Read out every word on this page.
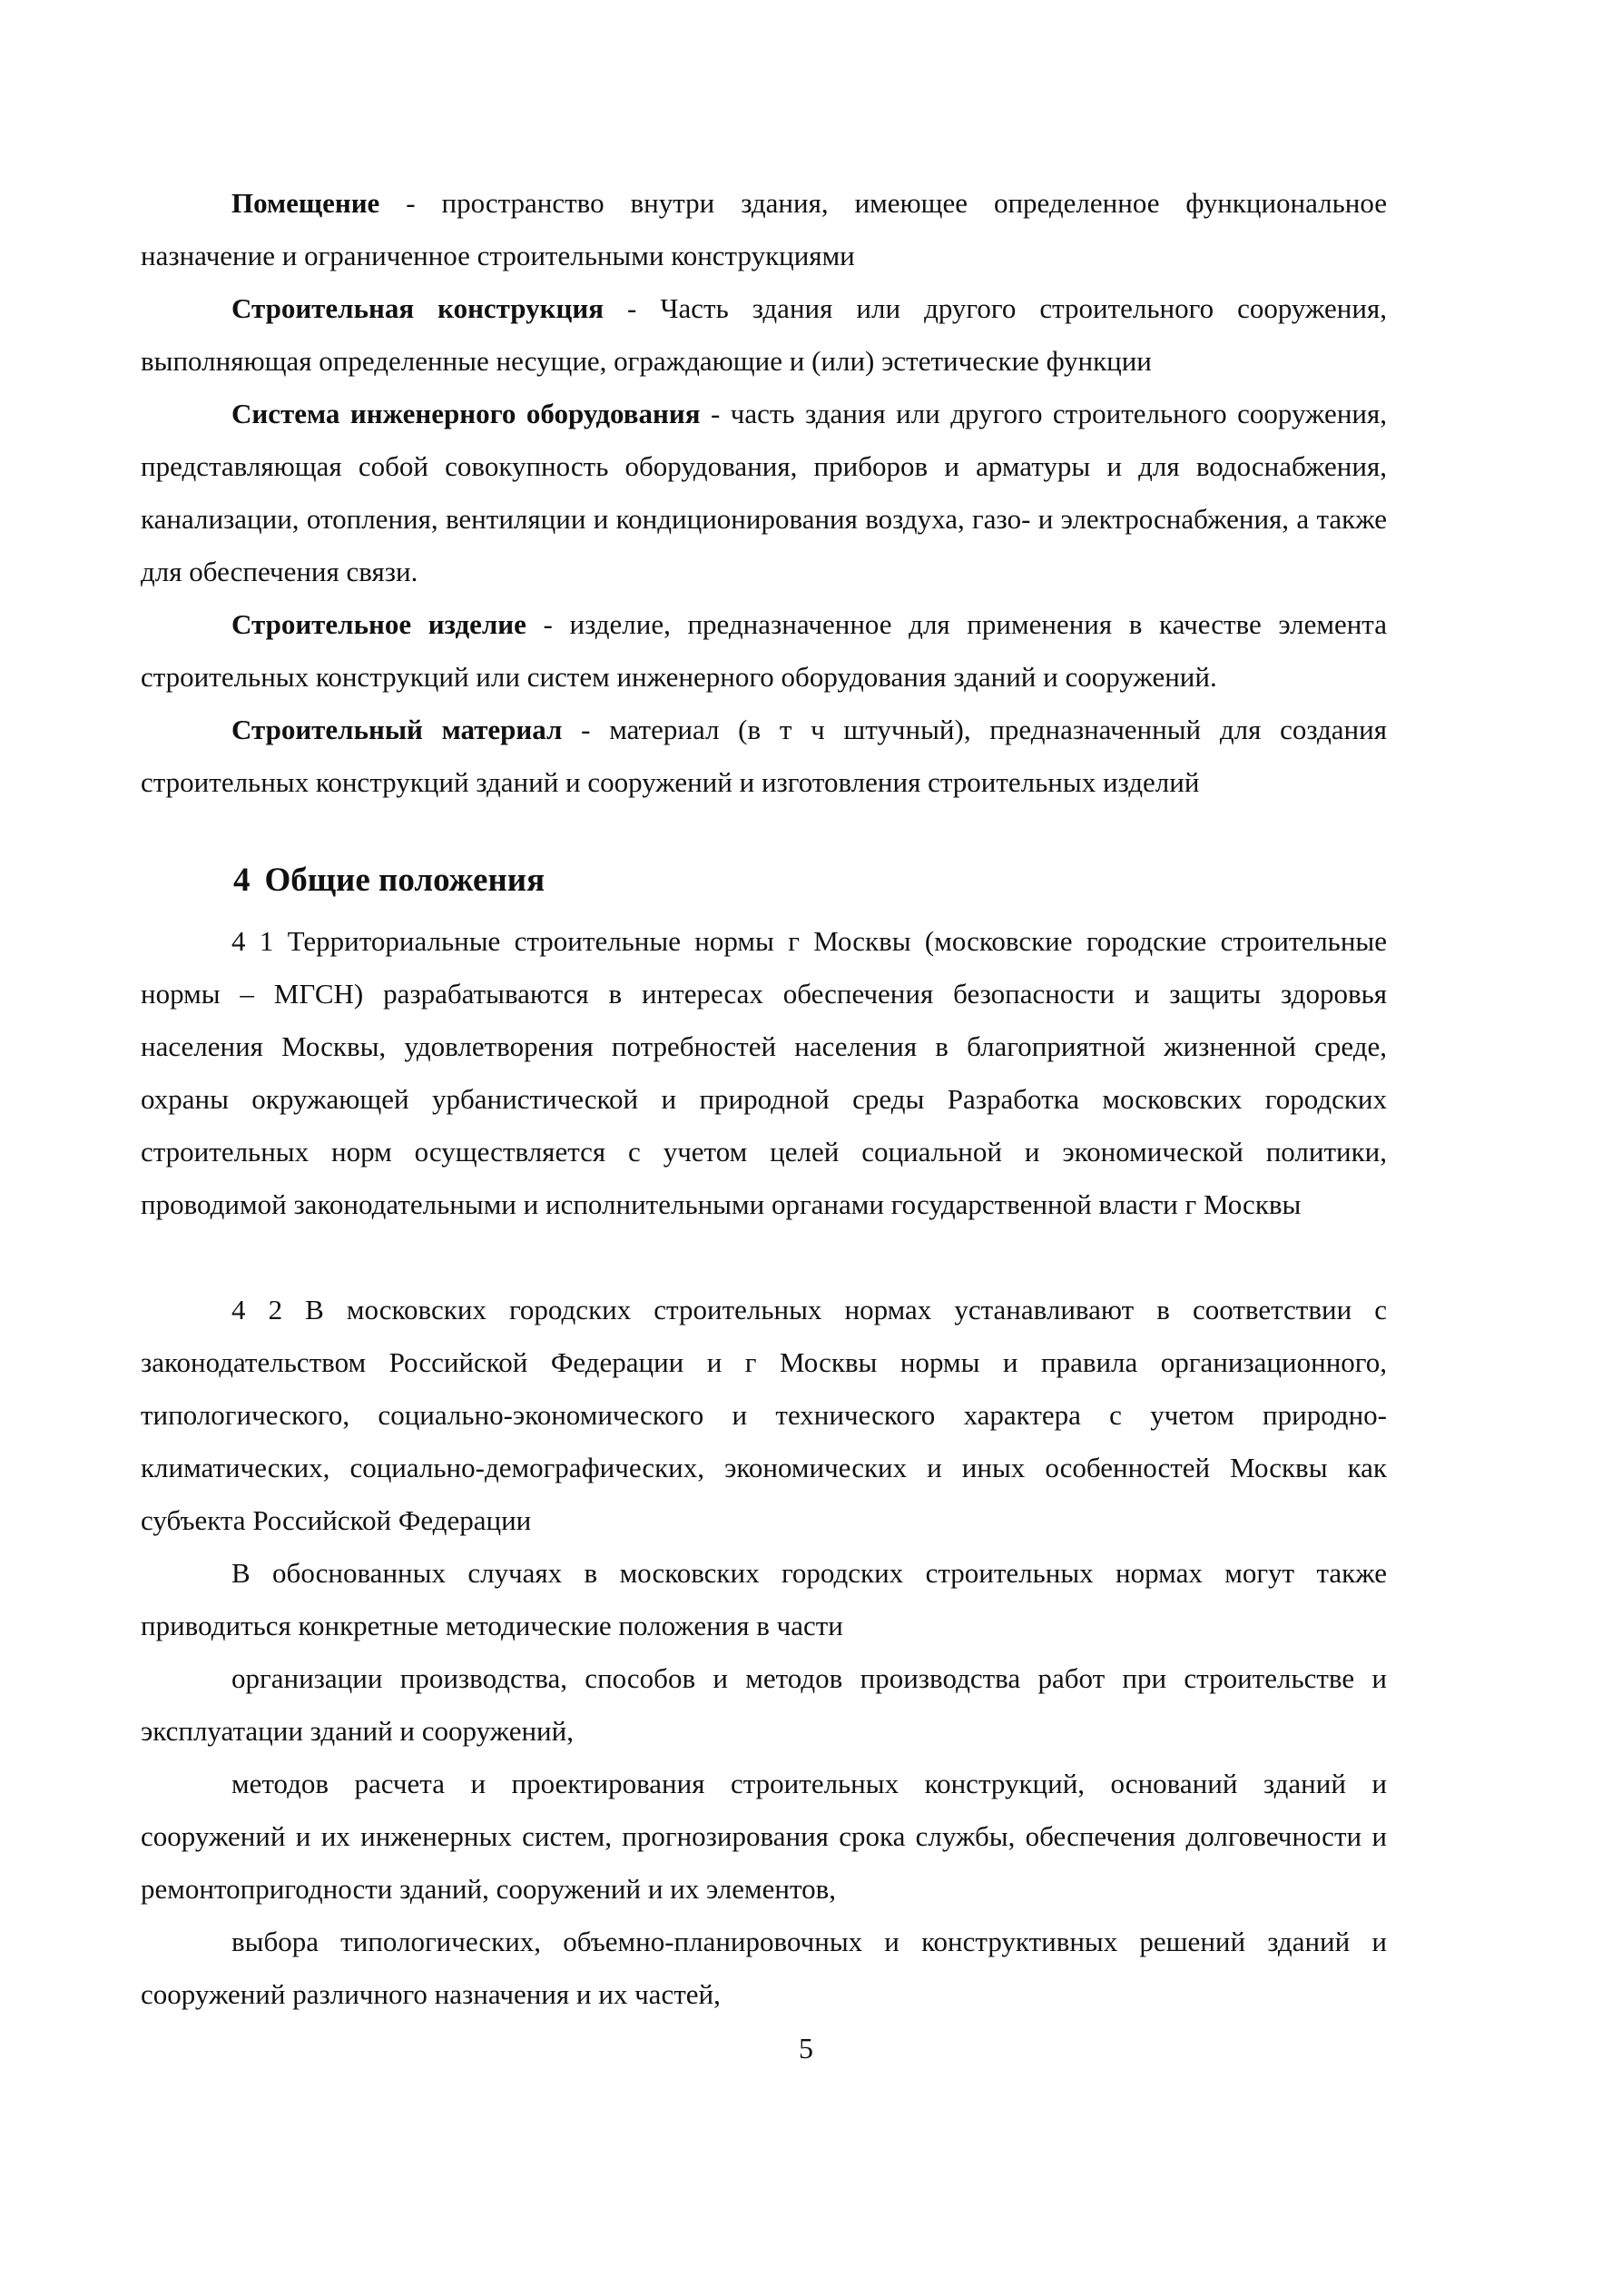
Помещение - пространство внутри здания, имеющее определенное функциональное назначение и ограниченное строительными конструкциями

Строительная конструкция - Часть здания или другого строительного сооружения, выполняющая определенные несущие, ограждающие и (или) эстетические функции

Система инженерного оборудования - часть здания или другого строительного сооружения, представляющая собой совокупность оборудования, приборов и арматуры и для водоснабжения, канализации, отопления, вентиляции и кондиционирования воздуха, газо- и электроснабжения, а также для обеспечения связи.

Строительное изделие - изделие, предназначенное для применения в качестве элемента строительных конструкций или систем инженерного оборудования зданий и сооружений.

Строительный материал - материал (в т ч штучный), предназначенный для создания строительных конструкций зданий и сооружений и изготовления строительных изделий

4 Общие положения

4 1 Территориальные строительные нормы г Москвы (московские городские строительные нормы – МГСН) разрабатываются в интересах обеспечения безопасности и защиты здоровья населения Москвы, удовлетворения потребностей населения в благоприятной жизненной среде, охраны окружающей урбанистической и природной среды Разработка московских городских строительных норм осуществляется с учетом целей социальной и экономической политики, проводимой законодательными и исполнительными органами государственной власти г Москвы

4 2 В московских городских строительных нормах устанавливают в соответствии с законодательством Российской Федерации и г Москвы нормы и правила организационного, типологического, социально-экономического и технического характера с учетом природно-климатических, социально-демографических, экономических и иных особенностей Москвы как субъекта Российской Федерации

В обоснованных случаях в московских городских строительных нормах могут также приводиться конкретные методические положения в части

организации производства, способов и методов производства работ при строительстве и эксплуатации зданий и сооружений,

методов расчета и проектирования строительных конструкций, оснований зданий и сооружений и их инженерных систем, прогнозирования срока службы, обеспечения долговечности и ремонтопригодности зданий, сооружений и их элементов,

выбора типологических, объемно-планировочных и конструктивных решений зданий и сооружений различного назначения и их частей,

5
